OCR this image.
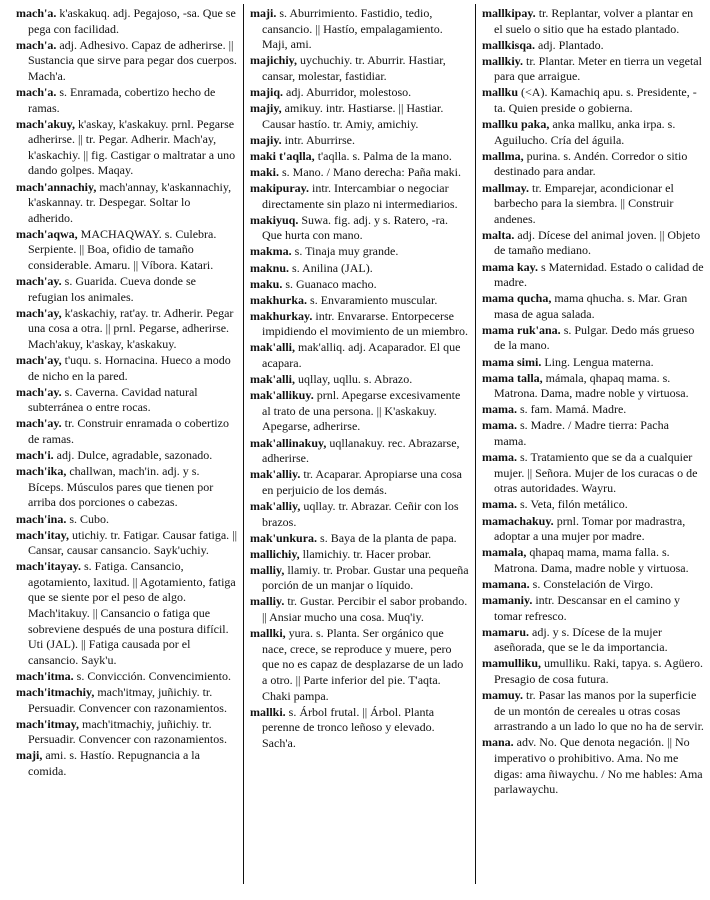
mach'a. k'askakuq. adj. Pegajoso, -sa. Que se pega con facilidad.
mach'a. adj. Adhesivo. Capaz de adherirse. || Sustancia que sirve para pegar dos cuerpos. Mach'a.
mach'a. s. Enramada, cobertizo hecho de ramas.
mach'akuy, k'askay, k'askakuy. prnl. Pegarse adherirse. || tr. Pegar. Adherir. Mach'ay, k'askachiy. || fig. Castigar o maltratar a uno dando golpes. Maqay.
mach'annachiy, mach'annay, k'askannachiy, k'askannay. tr. Despegar. Soltar lo adherido.
mach'aqwa, MACHAQWAY. s. Culebra. Serpiente. || Boa, ofidio de tamaño considerable. Amaru. || Víbora. Katari.
mach'ay. s. Guarida. Cueva donde se refugian los animales.
mach'ay, k'askachiy, rat'ay. tr. Adherir. Pegar una cosa a otra. || prnl. Pegarse, adherirse. Mach'akuy, k'askay, k'askakuy.
mach'ay, t'uqu. s. Hornacina. Hueco a modo de nicho en la pared.
mach'ay. s. Caverna. Cavidad natural subterránea o entre rocas.
mach'ay. tr. Construir enramada o cobertizo de ramas.
mach'i. adj. Dulce, agradable, sazonado.
mach'ika, challwan, mach'in. adj. y s. Bíceps. Músculos pares que tienen por arriba dos porciones o cabezas.
mach'ina. s. Cubo.
mach'itay, utichiy. tr. Fatigar. Causar fatiga. || Cansar, causar cansancio. Sayk'uchiy.
mach'itayay. s. Fatiga. Cansancio, agotamiento, laxitud. || Agotamiento, fatiga que se siente por el peso de algo. Mach'itakuy. || Cansancio o fatiga que sobreviene después de una postura difícil. Uti (JAL). || Fatiga causada por el cansancio. Sayk'u.
mach'itma. s. Convicción. Convencimiento.
mach'itmachiy, mach'itmay, juñichiy. tr. Persuadir. Convencer con razonamientos.
mach'itmay, mach'itmachiy, juñichiy. tr. Persuadir. Convencer con razonamientos.
maji, ami. s. Hastío. Repugnancia a la comida.
maji. s. Aburrimiento. Fastidio, tedio, cansancio. || Hastío, empalagamiento. Maji, ami.
majichiy, uychuchiy. tr. Aburrir. Hastiar, cansar, molestar, fastidiar.
majiq. adj. Aburridor, molestoso.
majiy, amikuy. intr. Hastiarse. || Hastiar. Causar hastío. tr. Amiy, amichiy.
majiy. intr. Aburrirse.
maki t'aqlla, t'aqlla. s. Palma de la mano.
maki. s. Mano. / Mano derecha: Paña maki.
makipuray. intr. Intercambiar o negociar directamente sin plazo ni intermediarios.
makiyuq. Suwa. fig. adj. y s. Ratero, -ra. Que hurta con mano.
makma. s. Tinaja muy grande.
maknu. s. Anilina (JAL).
maku. s. Guanaco macho.
makhurka. s. Envaramiento muscular.
makhurkay. intr. Envararse. Entorpecerse impidiendo el movimiento de un miembro.
mak'alli, mak'alliq. adj. Acaparador. El que acapara.
mak'alli, uqllay, uqllu. s. Abrazo.
mak'allikuy. prnl. Apegarse excesivamente al trato de una persona. || K'askakuy. Apegarse, adherirse.
mak'allinakuy, uqllanakuy. rec. Abrazarse, adherirse.
mak'alliy. tr. Acaparar. Apropiarse una cosa en perjuicio de los demás.
mak'alliy, uqllay. tr. Abrazar. Ceñir con los brazos.
mak'unkura. s. Baya de la planta de papa.
mallichiy, llamichiy. tr. Hacer probar.
malliy, llamiy. tr. Probar. Gustar una pequeña porción de un manjar o líquido.
malliy. tr. Gustar. Percibir el sabor probando. || Ansiar mucho una cosa. Muq'iy.
mallki, yura. s. Planta. Ser orgánico que nace, crece, se reproduce y muere, pero que no es capaz de desplazarse de un lado a otro. || Parte inferior del pie. T'aqta. Chaki pampa.
mallki. s. Árbol frutal. || Árbol. Planta perenne de tronco leñoso y elevado. Sach'a.
mallkipay. tr. Replantar, volver a plantar en el suelo o sitio que ha estado plantado.
mallkisqa. adj. Plantado.
mallkiy. tr. Plantar. Meter en tierra un vegetal para que arraigue.
mallku (<A). Kamachiq apu. s. Presidente, -ta. Quien preside o gobierna.
mallku paka, anka mallku, anka irpa. s. Aguilucho. Cría del águila.
mallma, purina. s. Andén. Corredor o sitio destinado para andar.
mallmay. tr. Emparejar, acondicionar el barbecho para la siembra. || Construir andenes.
malta. adj. Dícese del animal joven. || Objeto de tamaño mediano.
mama kay. s Maternidad. Estado o calidad de madre.
mama qucha, mama qhucha. s. Mar. Gran masa de agua salada.
mama ruk'ana. s. Pulgar. Dedo más grueso de la mano.
mama simi. Ling. Lengua materna.
mama talla, mámala, qhapaq mama. s. Matrona. Dama, madre noble y virtuosa.
mama. s. fam. Mamá. Madre.
mama. s. Madre. / Madre tierra: Pacha mama.
mama. s. Tratamiento que se da a cualquier mujer. || Señora. Mujer de los curacas o de otras autoridades. Wayru.
mama. s. Veta, filón metálico.
mamachakuy. prnl. Tomar por madrastra, adoptar a una mujer por madre.
mamala, qhapaq mama, mama falla. s. Matrona. Dama, madre noble y virtuosa.
mamana. s. Constelación de Virgo.
mamaniy. intr. Descansar en el camino y tomar refresco.
mamaru. adj. y s. Dícese de la mujer aseñorada, que se le da importancia.
mamulliku, umulliku. Raki, tapya. s. Agüero. Presagio de cosa futura.
mamuy. tr. Pasar las manos por la superficie de un montón de cereales u otras cosas arrastrando a un lado lo que no ha de servir.
mana. adv. No. Que denota negación. || No imperativo o prohibitivo. Ama. No me digas: ama ñiwaychu. / No me hables: Ama parlawaychu.
